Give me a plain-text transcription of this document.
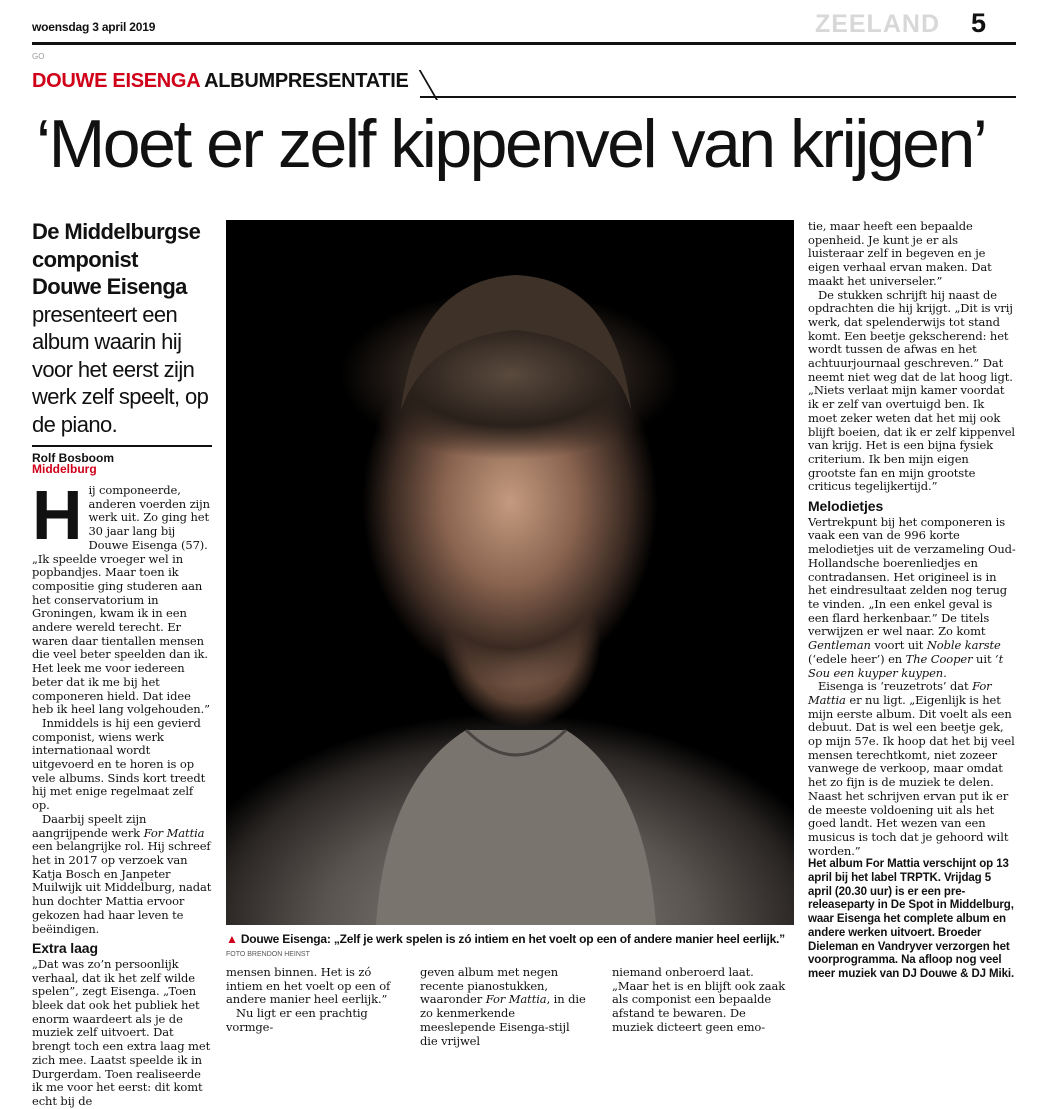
woensdag 3 april 2019	ZEELAND 5
GO
DOUWE EISENGA ALBUMPRESENTATIE
‘Moet er zelf kippenvel van krijgen’
De Middelburgse componist Douwe Eisenga presenteert een album waarin hij voor het eerst zijn werk zelf speelt, op de piano.
Rolf Bosboom
Middelburg
H ij componeerde, anderen voerden zijn werk uit. Zo ging het 30 jaar lang bij Douwe Eisenga (57). „Ik speelde vroeger wel in popbandjes. Maar toen ik compositie ging studeren aan het conservatorium in Groningen, kwam ik in een andere wereld terecht. Er waren daar tientallen mensen die veel beter speelden dan ik. Het leek me voor iedereen beter dat ik me bij het componeren hield. Dat idee heb ik heel lang volgehouden.”

Inmiddels is hij een gevierd componist, wiens werk internationaal wordt uitgevoerd en te horen is op vele albums. Sinds kort treedt hij met enige regelmaat zelf op.

Daarbij speelt zijn aangrijpende werk For Mattia een belangrijke rol. Hij schreef het in 2017 op verzoek van Katja Bosch en Janpeter Muilwijk uit Middelburg, nadat hun dochter Mattia ervoor gekozen had haar leven te beëindigen.

Extra laag

„Dat was zo’n persoonlijk verhaal, dat ik het zelf wilde spelen”, zegt Eisenga. „Toen bleek dat ook het publiek het enorm waardeert als je de muziek zelf uitvoert. Dat brengt toch een extra laag met zich mee. Laatst speelde ik in Durgerdam. Toen realiseerde ik me voor het eerst: dit komt echt bij de

▲ Douwe Eisenga: „Zelf je werk spelen is zó intiem en het voelt op een of andere manier heel eerlijk.”
FOTO BRENDON HEINST

mensen binnen. Het is zó intiem en het voelt op een of andere manier heel eerlijk.”

Nu ligt er een prachtig vormge-

geven album met negen recente pianostukken, waaronder For Mattia, in die zo kenmerkende meeslepende Eisenga-stijl die vrijwel

niemand onberoerd laat. „Maar het is en blijft ook zaak als componist een bepaalde afstand te bewaren. De muziek dicteert geen emo-

tie, maar heeft een bepaalde openheid. Je kunt je er als luisteraar zelf in begeven en je eigen verhaal ervan maken. Dat maakt het universeler.”

De stukken schrijft hij naast de opdrachten die hij krijgt. „Dit is vrij werk, dat spelenderwijs tot stand komt. Een beetje gekscherend: het wordt tussen de afwas en het achtuurjournaal geschreven.” Dat neemt niet weg dat de lat hoog ligt. „Niets verlaat mijn kamer voordat ik er zelf van overtuigd ben. Ik moet zeker weten dat het mij ook blijft boeien, dat ik er zelf kippenvel van krijg. Het is een bijna fysiek criterium. Ik ben mijn eigen grootste fan en mijn grootste criticus tegelijkertijd.”

Melodietjes

Vertrekpunt bij het componeren is vaak een van de 996 korte melodietjes uit de verzameling Oud-Hollandsche boerenliedjes en contradansen. Het origineel is in het eindresultaat zelden nog terug te vinden. „In een enkel geval is een flard herkenbaar.” De titels verwijzen er wel naar. Zo komt Gentleman voort uit Noble karste (‘edele heer’) en The Cooper uit ‘t Sou een kuyper kuypen.

Eisenga is ‘reuzetrots’ dat For Mattia er nu ligt. „Eigenlijk is het mijn eerste album. Dit voelt als een debuut. Dat is wel een beetje gek, op mijn 57e. Ik hoop dat het bij veel mensen terechtkomt, niet zozeer vanwege de verkoop, maar omdat het zo fijn is de muziek te delen. Naast het schrijven ervan put ik er de meeste voldoening uit als het goed landt. Het wezen van een musicus is toch dat je gehoord wilt worden.”

Het album For Mattia verschijnt op 13 april bij het label TRPTK. Vrijdag 5 april (20.30 uur) is er een pre-releaseparty in De Spot in Middelburg, waar Eisenga het complete album en andere werken uitvoert. Broeder Dieleman en Vandryver verzorgen het voorprogramma. Na afloop nog veel meer muziek van DJ Douwe & DJ Miki.
